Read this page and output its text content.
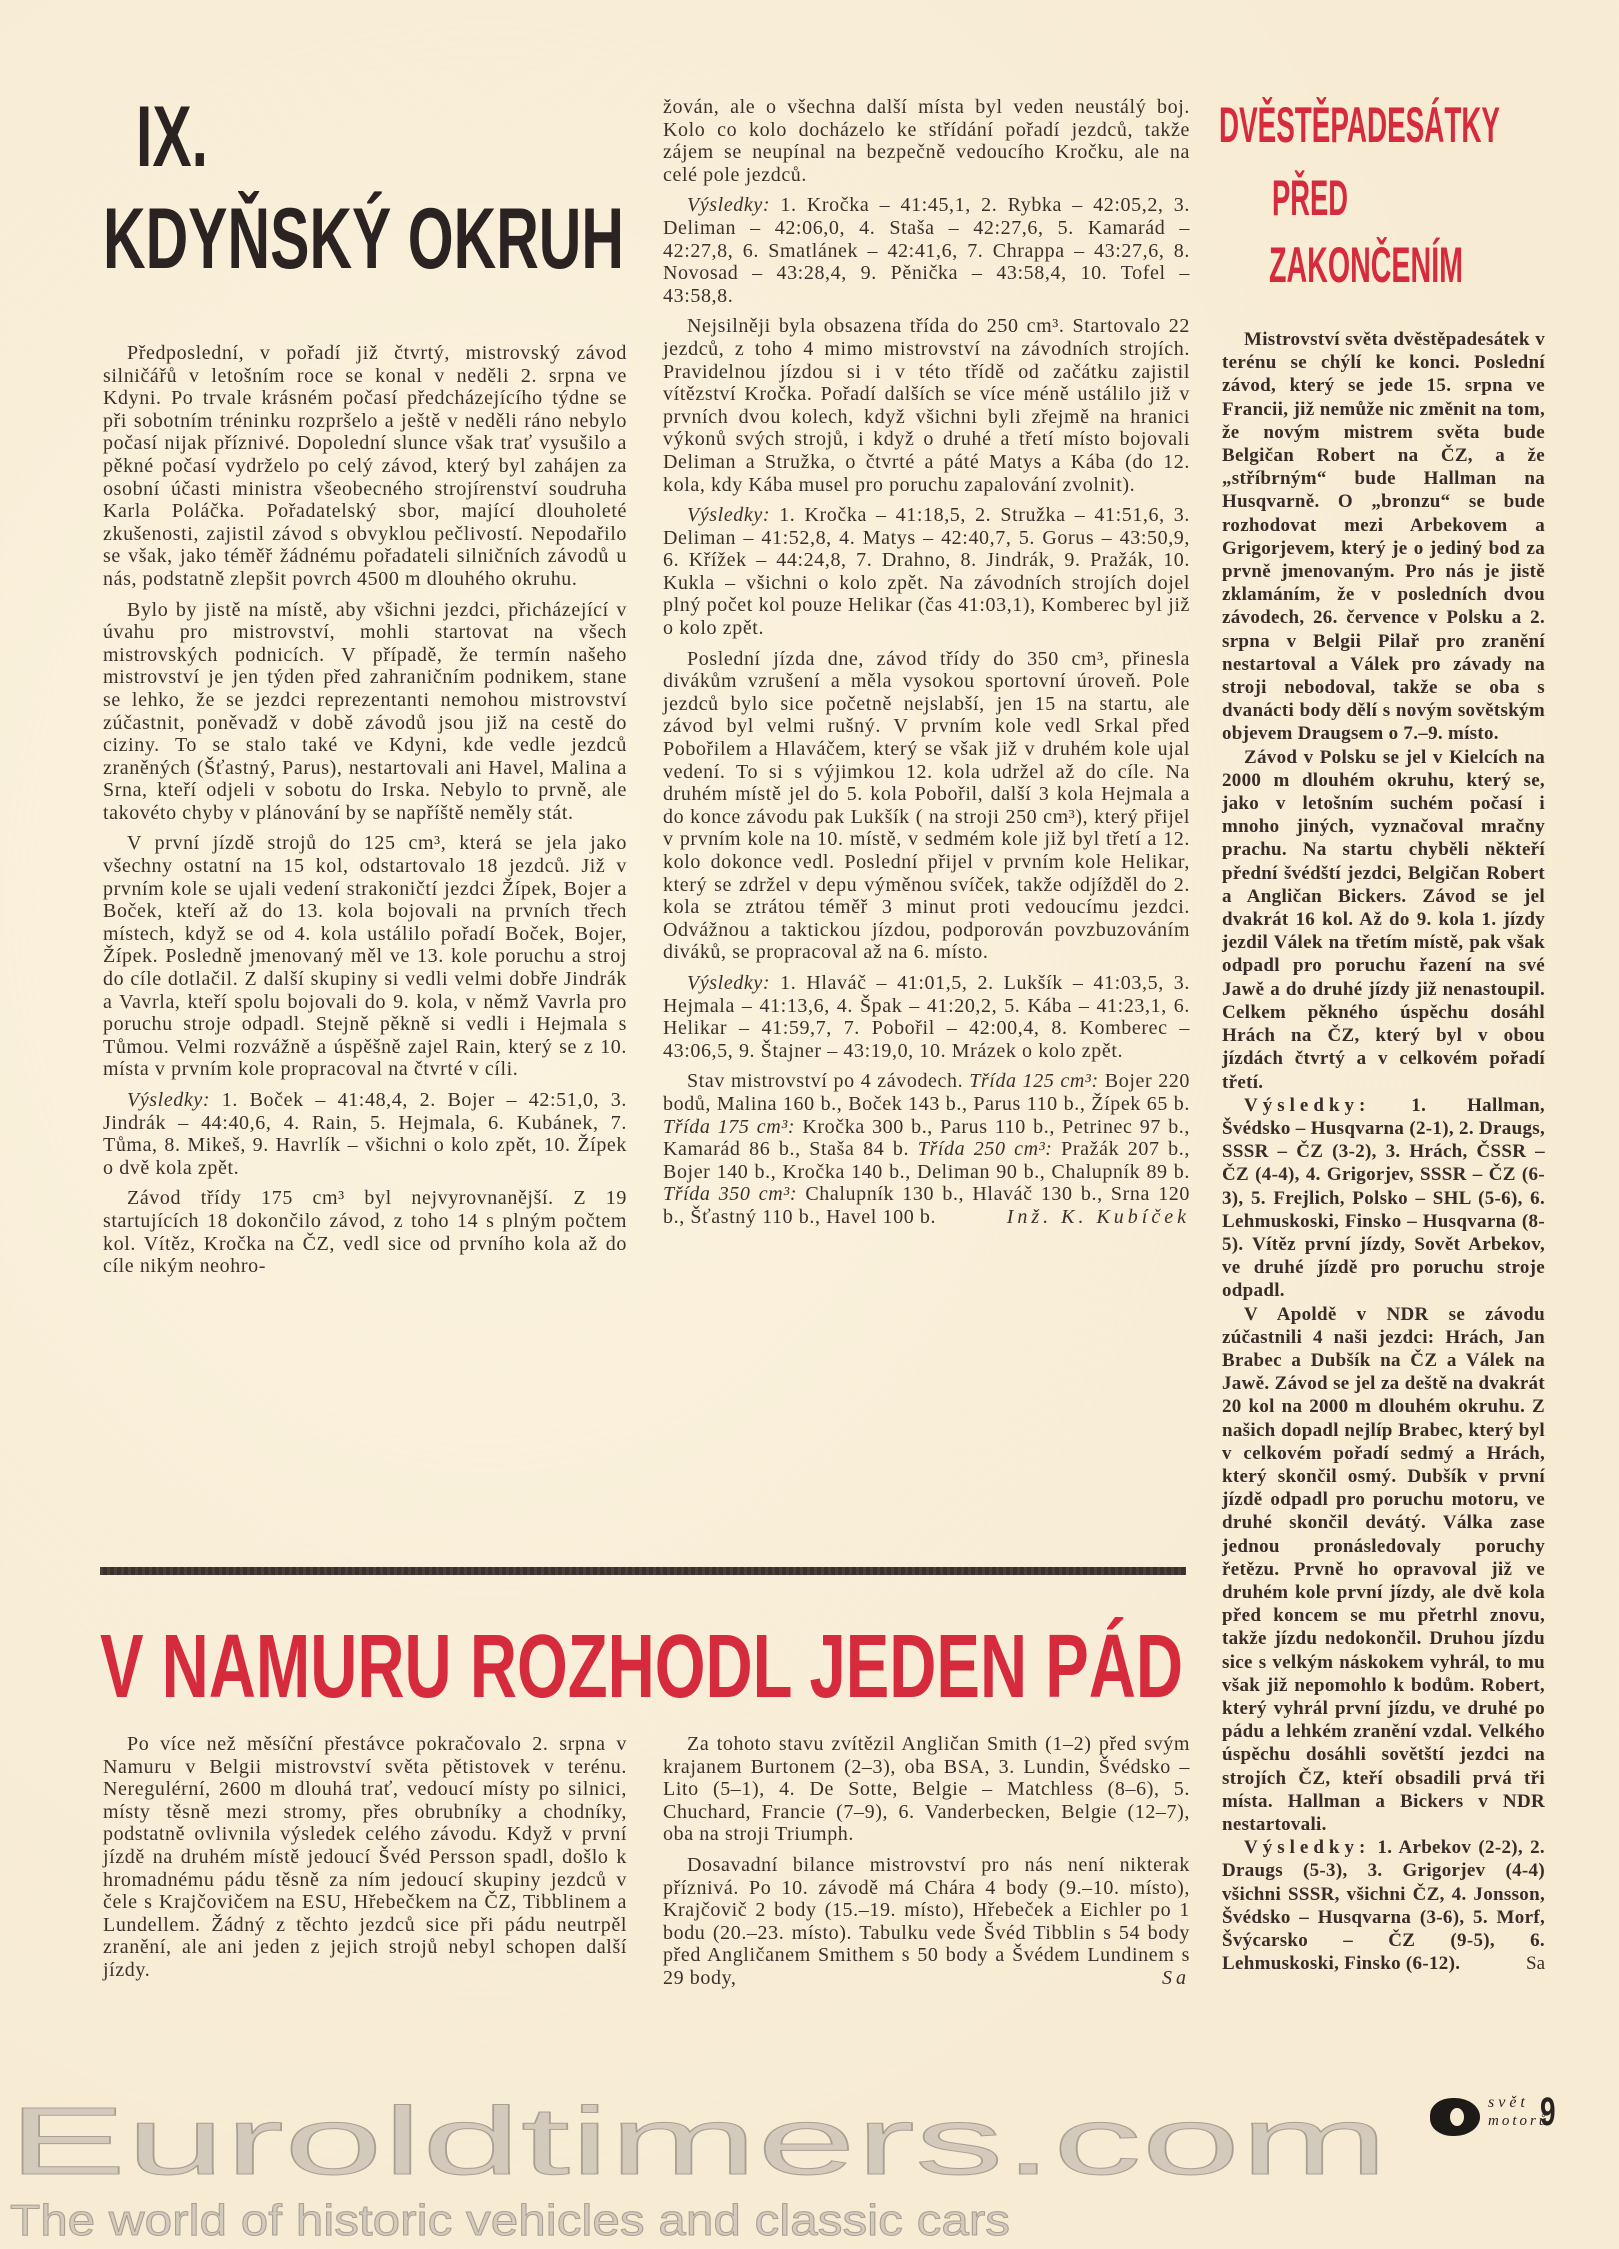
IX.
KDYŇSKÝ OKRUH

Předposlední, v pořadí již čtvrtý, mistrovský závod silničářů v letošním roce se konal v neděli 2. srpna ve Kdyni. Po trvale krásném počasí předcházejícího týdne se při sobotním tréninku rozpršelo a ještě v neděli ráno nebylo počasí nijak příznivé. Dopolední slunce však trať vysušilo a pěkné počasí vydrželo po celý závod, který byl zahájen za osobní účasti ministra všeobecného strojírenství soudruha Karla Poláčka. Pořadatelský sbor, mající dlouholeté zkušenosti, zajistil závod s obvyklou pečlivostí. Nepodařilo se však, jako téměř žádnému pořadateli silničních závodů u nás, podstatně zlepšit povrch 4500 m dlouhého okruhu.

Bylo by jistě na místě, aby všichni jezdci, přicházející v úvahu pro mistrovství, mohli startovat na všech mistrovských podnicích. V případě, že termín našeho mistrovství je jen týden před zahraničním podnikem, stane se lehko, že se jezdci reprezentanti nemohou mistrovství zúčastnit, poněvadž v době závodů jsou již na cestě do ciziny. To se stalo také ve Kdyni, kde vedle jezdců zraněných (Šťastný, Parus), nestartovali ani Havel, Malina a Srna, kteří odjeli v sobotu do Irska. Nebylo to prvně, ale takovéto chyby v plánování by se napříště neměly stát.

V první jízdě strojů do 125 cm³, která se jela jako všechny ostatní na 15 kol, odstartovalo 18 jezdců. Již v prvním kole se ujali vedení strakoničtí jezdci Žípek, Bojer a Boček, kteří až do 13. kola bojovali na prvních třech místech, když se od 4. kola ustálilo pořadí Boček, Bojer, Žípek. Posledně jmenovaný měl ve 13. kole poruchu a stroj do cíle dotlačil. Z další skupiny si vedli velmi dobře Jindrák a Vavrla, kteří spolu bojovali do 9. kola, v němž Vavrla pro poruchu stroje odpadl. Stejně pěkně si vedli i Hejmala s Tůmou. Velmi rozvážně a úspěšně zajel Rain, který se z 10. místa v prvním kole propracoval na čtvrté v cíli.

Výsledky: 1. Boček – 41:48,4, 2. Bojer – 42:51,0, 3. Jindrák – 44:40,6, 4. Rain, 5. Hejmala, 6. Kubánek, 7. Tůma, 8. Mikeš, 9. Havrlík – všichni o kolo zpět, 10. Žípek o dvě kola zpět.

Závod třídy 175 cm³ byl nejvyrovnanější. Z 19 startujících 18 dokončilo závod, z toho 14 s plným počtem kol. Vítěz, Kročka na ČZ, vedl sice od prvního kola až do cíle nikým neohro-

žován, ale o všechna další místa byl veden neustálý boj. Kolo co kolo docházelo ke střídání pořadí jezdců, takže zájem se neupínal na bezpečně vedoucího Kročku, ale na celé pole jezdců.

Výsledky: 1. Kročka – 41:45,1, 2. Rybka – 42:05,2, 3. Deliman – 42:06,0, 4. Staša – 42:27,6, 5. Kamarád – 42:27,8, 6. Smatlánek – 42:41,6, 7. Chrappa – 43:27,6, 8. Novosad – 43:28,4, 9. Pěnička – 43:58,4, 10. Tofel – 43:58,8.

Nejsilněji byla obsazena třída do 250 cm³. Startovalo 22 jezdců, z toho 4 mimo mistrovství na závodních strojích. Pravidelnou jízdou si i v této třídě od začátku zajistil vítězství Kročka. Pořadí dalších se více méně ustálilo již v prvních dvou kolech, když všichni byli zřejmě na hranici výkonů svých strojů, i když o druhé a třetí místo bojovali Deliman a Stružka, o čtvrté a páté Matys a Kába (do 12. kola, kdy Kába musel pro poruchu zapalování zvolnit).

Výsledky: 1. Kročka – 41:18,5, 2. Stružka – 41:51,6, 3. Deliman – 41:52,8, 4. Matys – 42:40,7, 5. Gorus – 43:50,9, 6. Křížek – 44:24,8, 7. Drahno, 8. Jindrák, 9. Pražák, 10. Kukla – všichni o kolo zpět. Na závodních strojích dojel plný počet kol pouze Helikar (čas 41:03,1), Komberec byl již o kolo zpět.

Poslední jízda dne, závod třídy do 350 cm³, přinesla divákům vzrušení a měla vysokou sportovní úroveň. Pole jezdců bylo sice početně nejslabší, jen 15 na startu, ale závod byl velmi rušný. V prvním kole vedl Srkal před Pobořilem a Hlaváčem, který se však již v druhém kole ujal vedení. To si s výjimkou 12. kola udržel až do cíle. Na druhém místě jel do 5. kola Pobořil, další 3 kola Hejmala a do konce závodu pak Lukšík ( na stroji 250 cm³), který přijel v prvním kole na 10. místě, v sedmém kole již byl třetí a 12. kolo dokonce vedl. Poslední přijel v prvním kole Helikar, který se zdržel v depu výměnou svíček, takže odjížděl do 2. kola se ztrátou téměř 3 minut proti vedoucímu jezdci. Odvážnou a taktickou jízdou, podporován povzbuzováním diváků, se propracoval až na 6. místo.

Výsledky: 1. Hlaváč – 41:01,5, 2. Lukšík – 41:03,5, 3. Hejmala – 41:13,6, 4. Špak – 41:20,2, 5. Kába – 41:23,1, 6. Helikar – 41:59,7, 7. Pobořil – 42:00,4, 8. Komberec – 43:06,5, 9. Štajner – 43:19,0, 10. Mrázek o kolo zpět.

Stav mistrovství po 4 závodech. Třída 125 cm³: Bojer 220 bodů, Malina 160 b., Boček 143 b., Parus 110 b., Žípek 65 b. Třída 175 cm³: Kročka 300 b., Parus 110 b., Petrinec 97 b., Kamarád 86 b., Staša 84 b. Třída 250 cm³: Pražák 207 b., Bojer 140 b., Kročka 140 b., Deliman 90 b., Chalupník 89 b. Třída 350 cm³: Chalupník 130 b., Hlaváč 130 b., Srna 120 b., Šťastný 110 b., Havel 100 b.	Inž. K. Kubíček

DVĚSTĚPADESÁTKY
PŘED
ZAKONČENÍM

Mistrovství světa dvěstěpadesátek v terénu se chýlí ke konci. Poslední závod, který se jede 15. srpna ve Francii, již nemůže nic změnit na tom, že novým mistrem světa bude Belgičan Robert na ČZ, a že „stříbrným“ bude Hallman na Husqvarně. O „bronzu“ se bude rozhodovat mezi Arbekovem a Grigorjevem, který je o jediný bod za prvně jmenovaným. Pro nás je jistě zklamáním, že v posledních dvou závodech, 26. července v Polsku a 2. srpna v Belgii Pilař pro zranění nestartoval a Válek pro závady na stroji nebodoval, takže se oba s dvanácti body dělí s novým sovětským objevem Draugsem o 7.–9. místo.

Závod v Polsku se jel v Kielcích na 2000 m dlouhém okruhu, který se, jako v letošním suchém počasí i mnoho jiných, vyznačoval mračny prachu. Na startu chyběli někteří přední švédští jezdci, Belgičan Robert a Angličan Bickers. Závod se jel dvakrát 16 kol. Až do 9. kola 1. jízdy jezdil Válek na třetím místě, pak však odpadl pro poruchu řazení na své Jawě a do druhé jízdy již nenastoupil. Celkem pěkného úspěchu dosáhl Hrách na ČZ, který byl v obou jízdách čtvrtý a v celkovém pořadí třetí.

Výsledky: 1. Hallman, Švédsko – Husqvarna (2-1), 2. Draugs, SSSR – ČZ (3-2), 3. Hrách, ČSSR – ČZ (4-4), 4. Grigorjev, SSSR – ČZ (6-3), 5. Frejlich, Polsko – SHL (5-6), 6. Lehmuskoski, Finsko – Husqvarna (8-5). Vítěz první jízdy, Sovět Arbekov, ve druhé jízdě pro poruchu stroje odpadl.

V Apoldě v NDR se závodu zúčastnili 4 naši jezdci: Hrách, Jan Brabec a Dubšík na ČZ a Válek na Jawě. Závod se jel za deště na dvakrát 20 kol na 2000 m dlouhém okruhu. Z našich dopadl nejlíp Brabec, který byl v celkovém pořadí sedmý a Hrách, který skončil osmý. Dubšík v první jízdě odpadl pro poruchu motoru, ve druhé skončil devátý. Válka zase jednou pronásledovaly poruchy řetězu. Prvně ho opravoval již ve druhém kole první jízdy, ale dvě kola před koncem se mu přetrhl znovu, takže jízdu nedokončil. Druhou jízdu sice s velkým náskokem vyhrál, to mu však již nepomohlo k bodům. Robert, který vyhrál první jízdu, ve druhé po pádu a lehkém zranění vzdal. Velkého úspěchu dosáhli sovětští jezdci na strojích ČZ, kteří obsadili prvá tři místa. Hallman a Bickers v NDR nestartovali.

Výsledky: 1. Arbekov (2-2), 2. Draugs (5-3), 3. Grigorjev (4-4) všichni SSSR, všichni ČZ, 4. Jonsson, Švédsko – Husqvarna (3-6), 5. Morf, Švýcarsko – ČZ (9-5), 6. Lehmuskoski, Finsko (6-12).	Sa

V NAMURU ROZHODL JEDEN PÁD

Po více než měsíční přestávce pokračovalo 2. srpna v Namuru v Belgii mistrovství světa pětistovek v terénu. Neregulérní, 2600 m dlouhá trať, vedoucí místy po silnici, místy těsně mezi stromy, přes obrubníky a chodníky, podstatně ovlivnila výsledek celého závodu. Když v první jízdě na druhém místě jedoucí Švéd Persson spadl, došlo k hromadnému pádu těsně za ním jedoucí skupiny jezdců v čele s Krajčovičem na ESU, Hřebečkem na ČZ, Tibblinem a Lundellem. Žádný z těchto jezdců sice při pádu neutrpěl zranění, ale ani jeden z jejich strojů nebyl schopen další jízdy.

Za tohoto stavu zvítězil Angličan Smith (1–2) před svým krajanem Burtonem (2–3), oba BSA, 3. Lundin, Švédsko – Lito (5–1), 4. De Sotte, Belgie – Matchless (8–6), 5. Chuchard, Francie (7–9), 6. Vanderbecken, Belgie (12–7), oba na stroji Triumph.

Dosavadní bilance mistrovství pro nás není nikterak příznivá. Po 10. závodě má Chára 4 body (9.–10. místo), Krajčovič 2 body (15.–19. místo), Hřebeček a Eichler po 1 bodu (20.–23. místo). Tabulku vede Švéd Tibblin s 54 body před Angličanem Smithem s 50 body a Švédem Lundinem s 29 body,	Sa

Euroldtimers.com
The world of historic vehicles and classic cars
svět
motorů
9
